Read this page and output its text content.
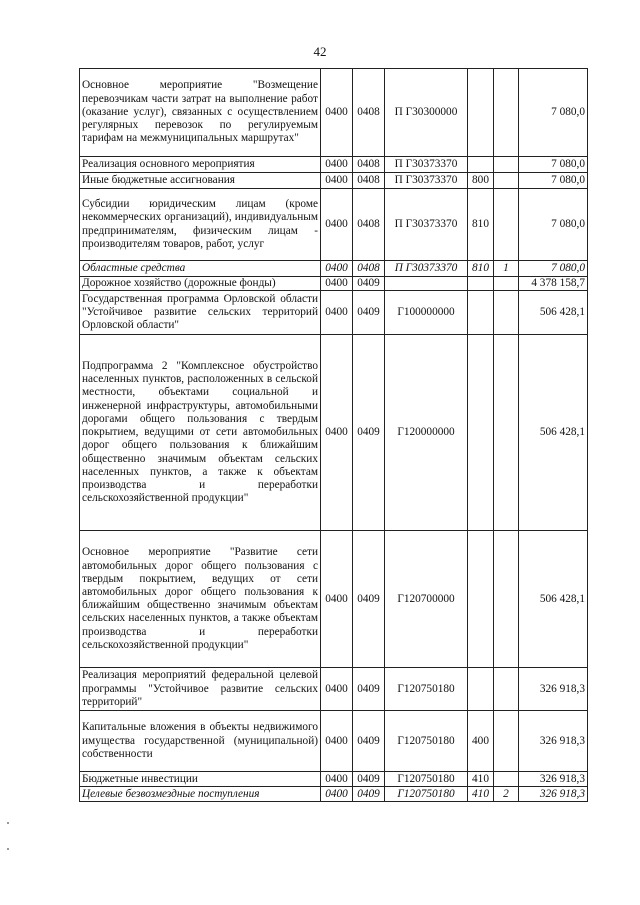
42
Основное мероприятие "Возмещение перевозчикам части затрат на выполнение работ (оказание услуг), связанных с осуществлением регулярных перевозок по регулируемым тарифам на межмуниципальных маршрутах"	0400	0408	П Г30300000			7 080,0
Реализация основного мероприятия	0400	0408	П Г30373370			7 080,0
Иные бюджетные ассигнования	0400	0408	П Г30373370	800		7 080,0
Субсидии юридическим лицам (кроме некоммерческих организаций), индивидуальным предпринимателям, физическим лицам - производителям товаров, работ, услуг	0400	0408	П Г30373370	810		7 080,0
Областные средства	0400	0408	П Г30373370	810	1	7 080,0
Дорожное хозяйство (дорожные фонды)	0400	0409				4 378 158,7
Государственная программа Орловской области "Устойчивое развитие сельских территорий Орловской области"	0400	0409	Г100000000			506 428,1
Подпрограмма 2 "Комплексное обустройство населенных пунктов, расположенных в сельской местности, объектами социальной и инженерной инфраструктуры, автомобильными дорогами общего пользования с твердым покрытием, ведущими от сети автомобильных дорог общего пользования к ближайшим общественно значимым объектам сельских населенных пунктов, а также к объектам производства и переработки сельскохозяйственной продукции"	0400	0409	Г120000000			506 428,1
Основное мероприятие "Развитие сети автомобильных дорог общего пользования с твердым покрытием, ведущих от сети автомобильных дорог общего пользования к ближайшим общественно значимым объектам сельских населенных пунктов, а также объектам производства и переработки сельскохозяйственной продукции"	0400	0409	Г120700000			506 428,1
Реализация мероприятий федеральной целевой программы "Устойчивое развитие сельских территорий"	0400	0409	Г120750180			326 918,3
Капитальные вложения в объекты недвижимого имущества государственной (муниципальной) собственности	0400	0409	Г120750180	400		326 918,3
Бюджетные инвестиции	0400	0409	Г120750180	410		326 918,3
Целевые безвозмездные поступления	0400	0409	Г120750180	410	2	326 918,3
